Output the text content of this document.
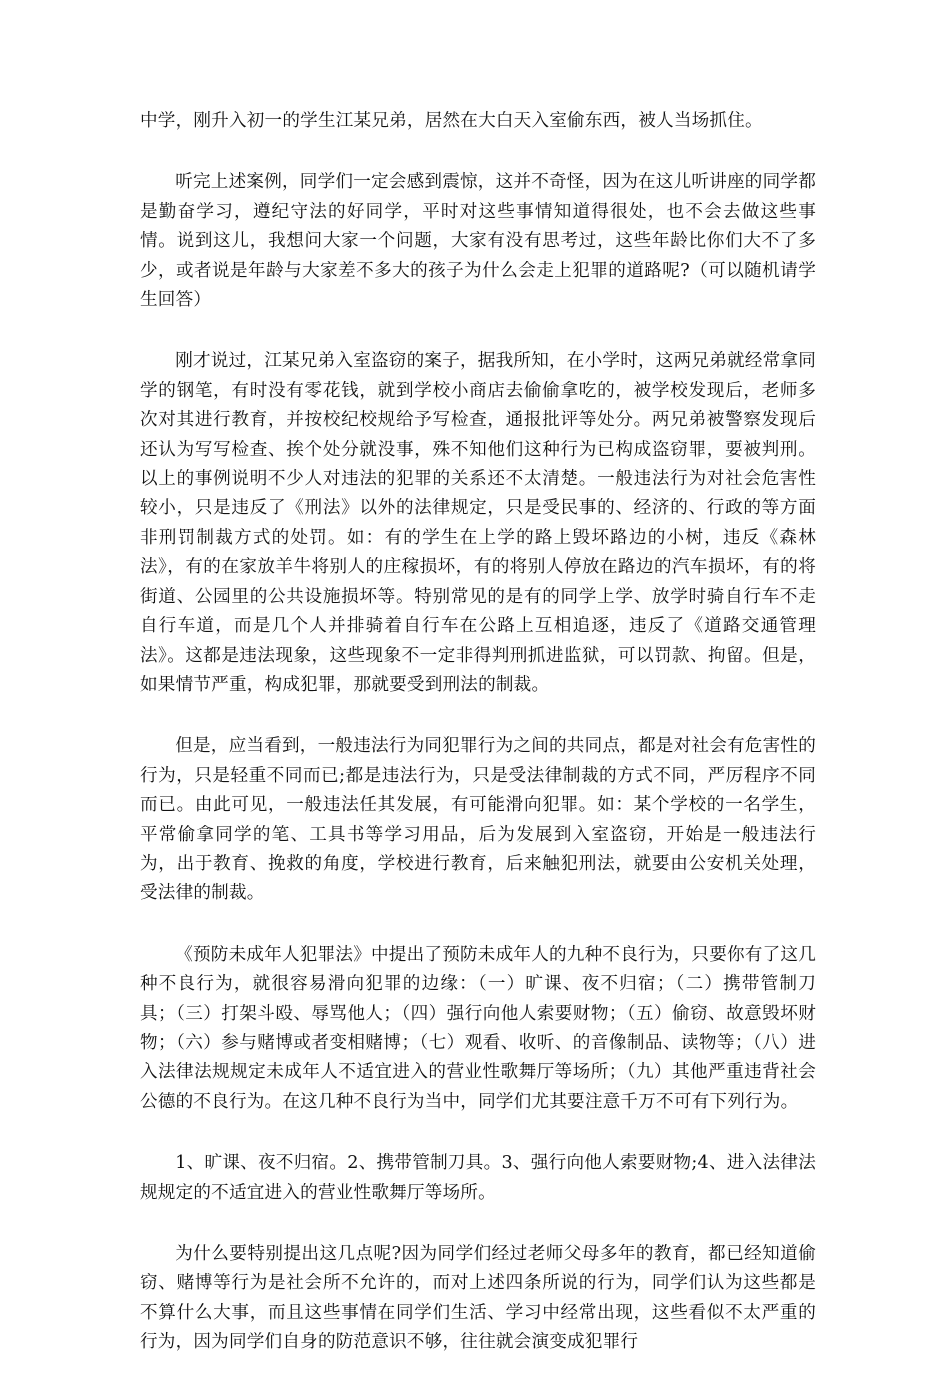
中学，刚升入初一的学生江某兄弟，居然在大白天入室偷东西，被人当场抓住。

听完上述案例，同学们一定会感到震惊，这并不奇怪，因为在这儿听讲座的同学都是勤奋学习，遵纪守法的好同学，平时对这些事情知道得很处，也不会去做这些事情。说到这儿，我想问大家一个问题，大家有没有思考过，这些年龄比你们大不了多少，或者说是年龄与大家差不多大的孩子为什么会走上犯罪的道路呢?（可以随机请学生回答）

刚才说过，江某兄弟入室盗窃的案子，据我所知，在小学时，这两兄弟就经常拿同学的钢笔，有时没有零花钱，就到学校小商店去偷偷拿吃的，被学校发现后，老师多次对其进行教育，并按校纪校规给予写检查，通报批评等处分。两兄弟被警察发现后还认为写写检查、挨个处分就没事，殊不知他们这种行为已构成盗窃罪，要被判刑。以上的事例说明不少人对违法的犯罪的关系还不太清楚。一般违法行为对社会危害性较小，只是违反了《刑法》以外的法律规定，只是受民事的、经济的、行政的等方面非刑罚制裁方式的处罚。如：有的学生在上学的路上毁坏路边的小树，违反《森林法》，有的在家放羊牛将别人的庄稼损坏，有的将别人停放在路边的汽车损坏，有的将街道、公园里的公共设施损坏等。特别常见的是有的同学上学、放学时骑自行车不走自行车道，而是几个人并排骑着自行车在公路上互相追逐，违反了《道路交通管理法》。这都是违法现象，这些现象不一定非得判刑抓进监狱，可以罚款、拘留。但是，如果情节严重，构成犯罪，那就要受到刑法的制裁。

但是，应当看到，一般违法行为同犯罪行为之间的共同点，都是对社会有危害性的行为，只是轻重不同而已;都是违法行为，只是受法律制裁的方式不同，严厉程序不同而已。由此可见，一般违法任其发展，有可能滑向犯罪。如：某个学校的一名学生，平常偷拿同学的笔、工具书等学习用品，后为发展到入室盗窃，开始是一般违法行为，出于教育、挽救的角度，学校进行教育，后来触犯刑法，就要由公安机关处理，受法律的制裁。

《预防未成年人犯罪法》中提出了预防未成年人的九种不良行为，只要你有了这几种不良行为，就很容易滑向犯罪的边缘：（一）旷课、夜不归宿；（二）携带管制刀具；（三）打架斗殴、辱骂他人；（四）强行向他人索要财物；（五）偷窃、故意毁坏财物；（六）参与赌博或者变相赌博；（七）观看、收听、的音像制品、读物等；（八）进入法律法规规定未成年人不适宜进入的营业性歌舞厅等场所；（九）其他严重违背社会公德的不良行为。在这几种不良行为当中，同学们尤其要注意千万不可有下列行为。

1、旷课、夜不归宿。2、携带管制刀具。3、强行向他人索要财物;4、进入法律法规规定的不适宜进入的营业性歌舞厅等场所。

为什么要特别提出这几点呢?因为同学们经过老师父母多年的教育，都已经知道偷窃、赌博等行为是社会所不允许的，而对上述四条所说的行为，同学们认为这些都是不算什么大事，而且这些事情在同学们生活、学习中经常出现，这些看似不太严重的行为，因为同学们自身的防范意识不够，往往就会演变成犯罪行
